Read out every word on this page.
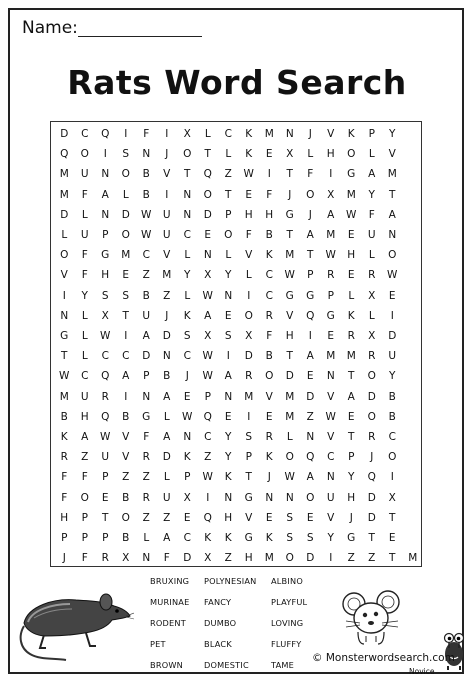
Name:
Rats Word Search
D	C	Q	I	F	I	X	L	C	K	M	N	J	V	K	P	Y
Q	O	I	S	N	J	O	T	L	K	E	X	L	H	O	L	V
M	U	N	O	B	V	T	Q	Z	W	I	T	F	I	G	A	M
M	F	A	L	B	I	N	O	T	E	F	J	O	X	M	Y	T
D	L	N	D	W	U	N	D	P	H	H	G	J	A	W	F	A
L	U	P	O	W	U	C	E	O	F	B	T	A	M	E	U	N
O	F	G	M	C	V	L	N	L	V	K	M	T	W	H	L	O
V	F	H	E	Z	M	Y	X	Y	L	C	W	P	R	E	R	W
I	Y	S	S	B	Z	L	W	N	I	C	G	G	P	L	X	E
N	L	X	T	U	J	K	A	E	O	R	V	Q	G	K	L	I
G	L	W	I	A	D	S	X	S	X	F	H	I	E	R	X	D
T	L	C	C	D	N	C	W	I	D	B	T	A	M	M	R	U
W	C	Q	A	P	B	J	W	A	R	O	D	E	N	T	O	Y
M	U	R	I	N	A	E	P	N	M	V	M	D	V	A	D	B
B	H	Q	B	G	L	W	Q	E	I	E	M	Z	W	E	O	B
K	A	W	V	F	A	N	C	Y	S	R	L	N	V	T	R	C
R	Z	U	V	R	D	K	Z	Y	P	K	O	Q	C	P	J	O
F	F	P	Z	Z	L	P	W	K	T	J	W	A	N	Y	Q	I
F	O	E	B	R	U	X	I	N	G	N	N	O	U	H	D	X
H	P	T	O	Z	Z	E	Q	H	V	E	S	E	V	J	D	T
P	P	P	B	L	A	C	K	K	G	K	S	S	Y	G	T	E
J	F	R	X	N	F	D	X	Z	H	M	O	D	I	Z	Z	T	M
BRUXING POLYNESIAN ALBINO
MURINAE FANCY	PLAYFUL
RODENT DUMBO	LOVING
PET	BLACK	FLUFFY
BROWN	DOMESTIC	TAME
© Monsterwordsearch.com
Novice
